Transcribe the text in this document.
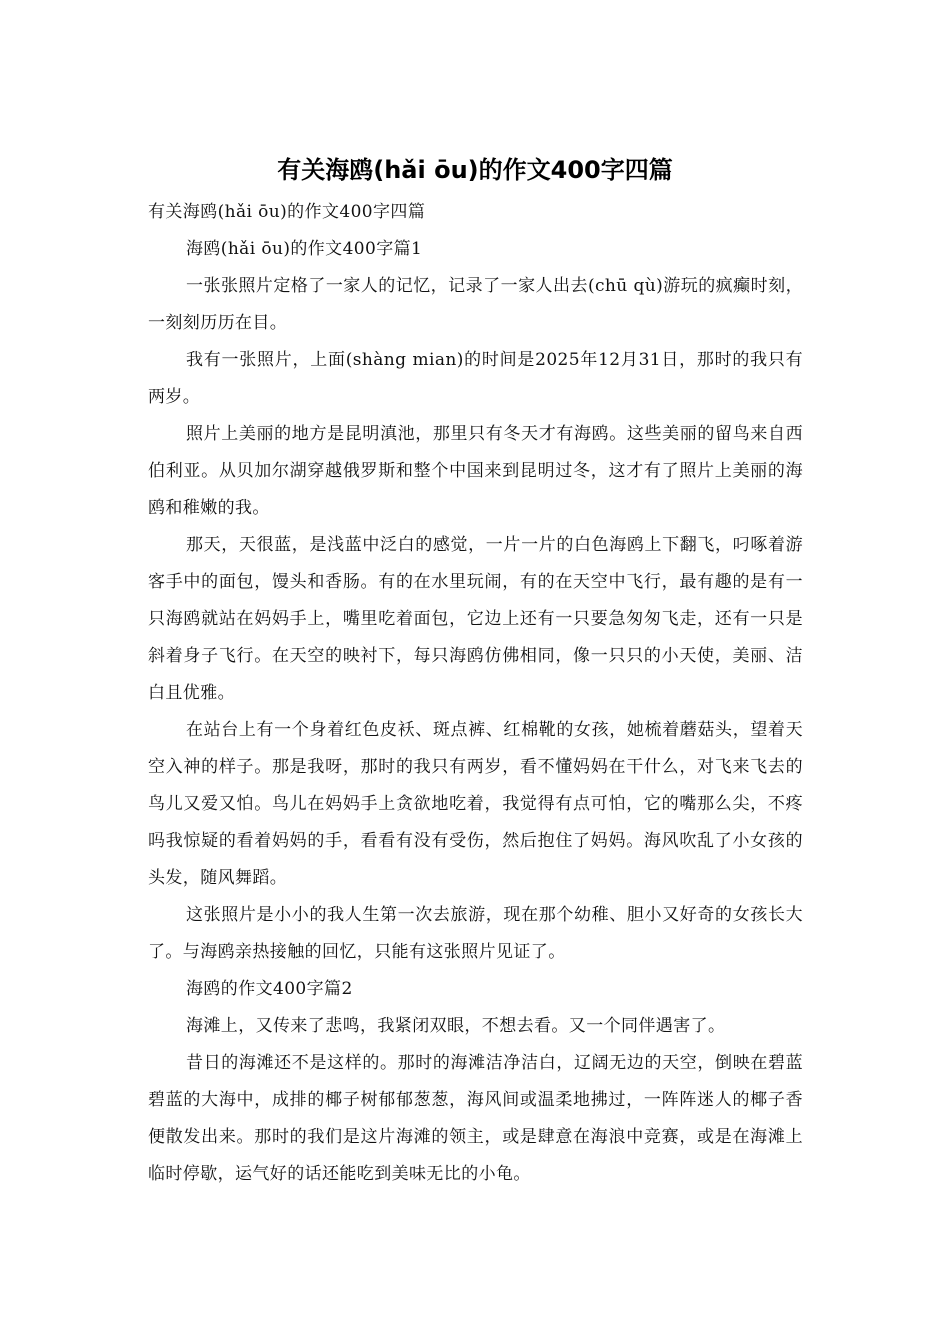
有关海鸥(hǎi ōu)的作文400字四篇

有关海鸥(hǎi ōu)的作文400字四篇

海鸥(hǎi ōu)的作文400字篇1

一张张照片定格了一家人的记忆，记录了一家人出去(chū qù)游玩的疯癫时刻，一刻刻历历在目。

我有一张照片，上面(shàng mian)的时间是2025年12月31日，那时的我只有两岁。

照片上美丽的地方是昆明滇池，那里只有冬天才有海鸥。这些美丽的留鸟来自西伯利亚。从贝加尔湖穿越俄罗斯和整个中国来到昆明过冬，这才有了照片上美丽的海鸥和稚嫩的我。

那天，天很蓝，是浅蓝中泛白的感觉，一片一片的白色海鸥上下翻飞，叼啄着游客手中的面包，馒头和香肠。有的在水里玩闹，有的在天空中飞行，最有趣的是有一只海鸥就站在妈妈手上，嘴里吃着面包，它边上还有一只要急匆匆飞走，还有一只是斜着身子飞行。在天空的映衬下，每只海鸥仿佛相同，像一只只的小天使，美丽、洁白且优雅。

在站台上有一个身着红色皮袄、斑点裤、红棉靴的女孩，她梳着蘑菇头，望着天空入神的样子。那是我呀，那时的我只有两岁，看不懂妈妈在干什么，对飞来飞去的鸟儿又爱又怕。鸟儿在妈妈手上贪欲地吃着，我觉得有点可怕，它的嘴那么尖，不疼吗我惊疑的看着妈妈的手，看看有没有受伤，然后抱住了妈妈。海风吹乱了小女孩的头发，随风舞蹈。

这张照片是小小的我人生第一次去旅游，现在那个幼稚、胆小又好奇的女孩长大了。与海鸥亲热接触的回忆，只能有这张照片见证了。

海鸥的作文400字篇2

海滩上，又传来了悲鸣，我紧闭双眼，不想去看。又一个同伴遇害了。

昔日的海滩还不是这样的。那时的海滩洁净洁白，辽阔无边的天空，倒映在碧蓝碧蓝的大海中，成排的椰子树郁郁葱葱，海风间或温柔地拂过，一阵阵迷人的椰子香便散发出来。那时的我们是这片海滩的领主，或是肆意在海浪中竞赛，或是在海滩上临时停歇，运气好的话还能吃到美味无比的小龟。
